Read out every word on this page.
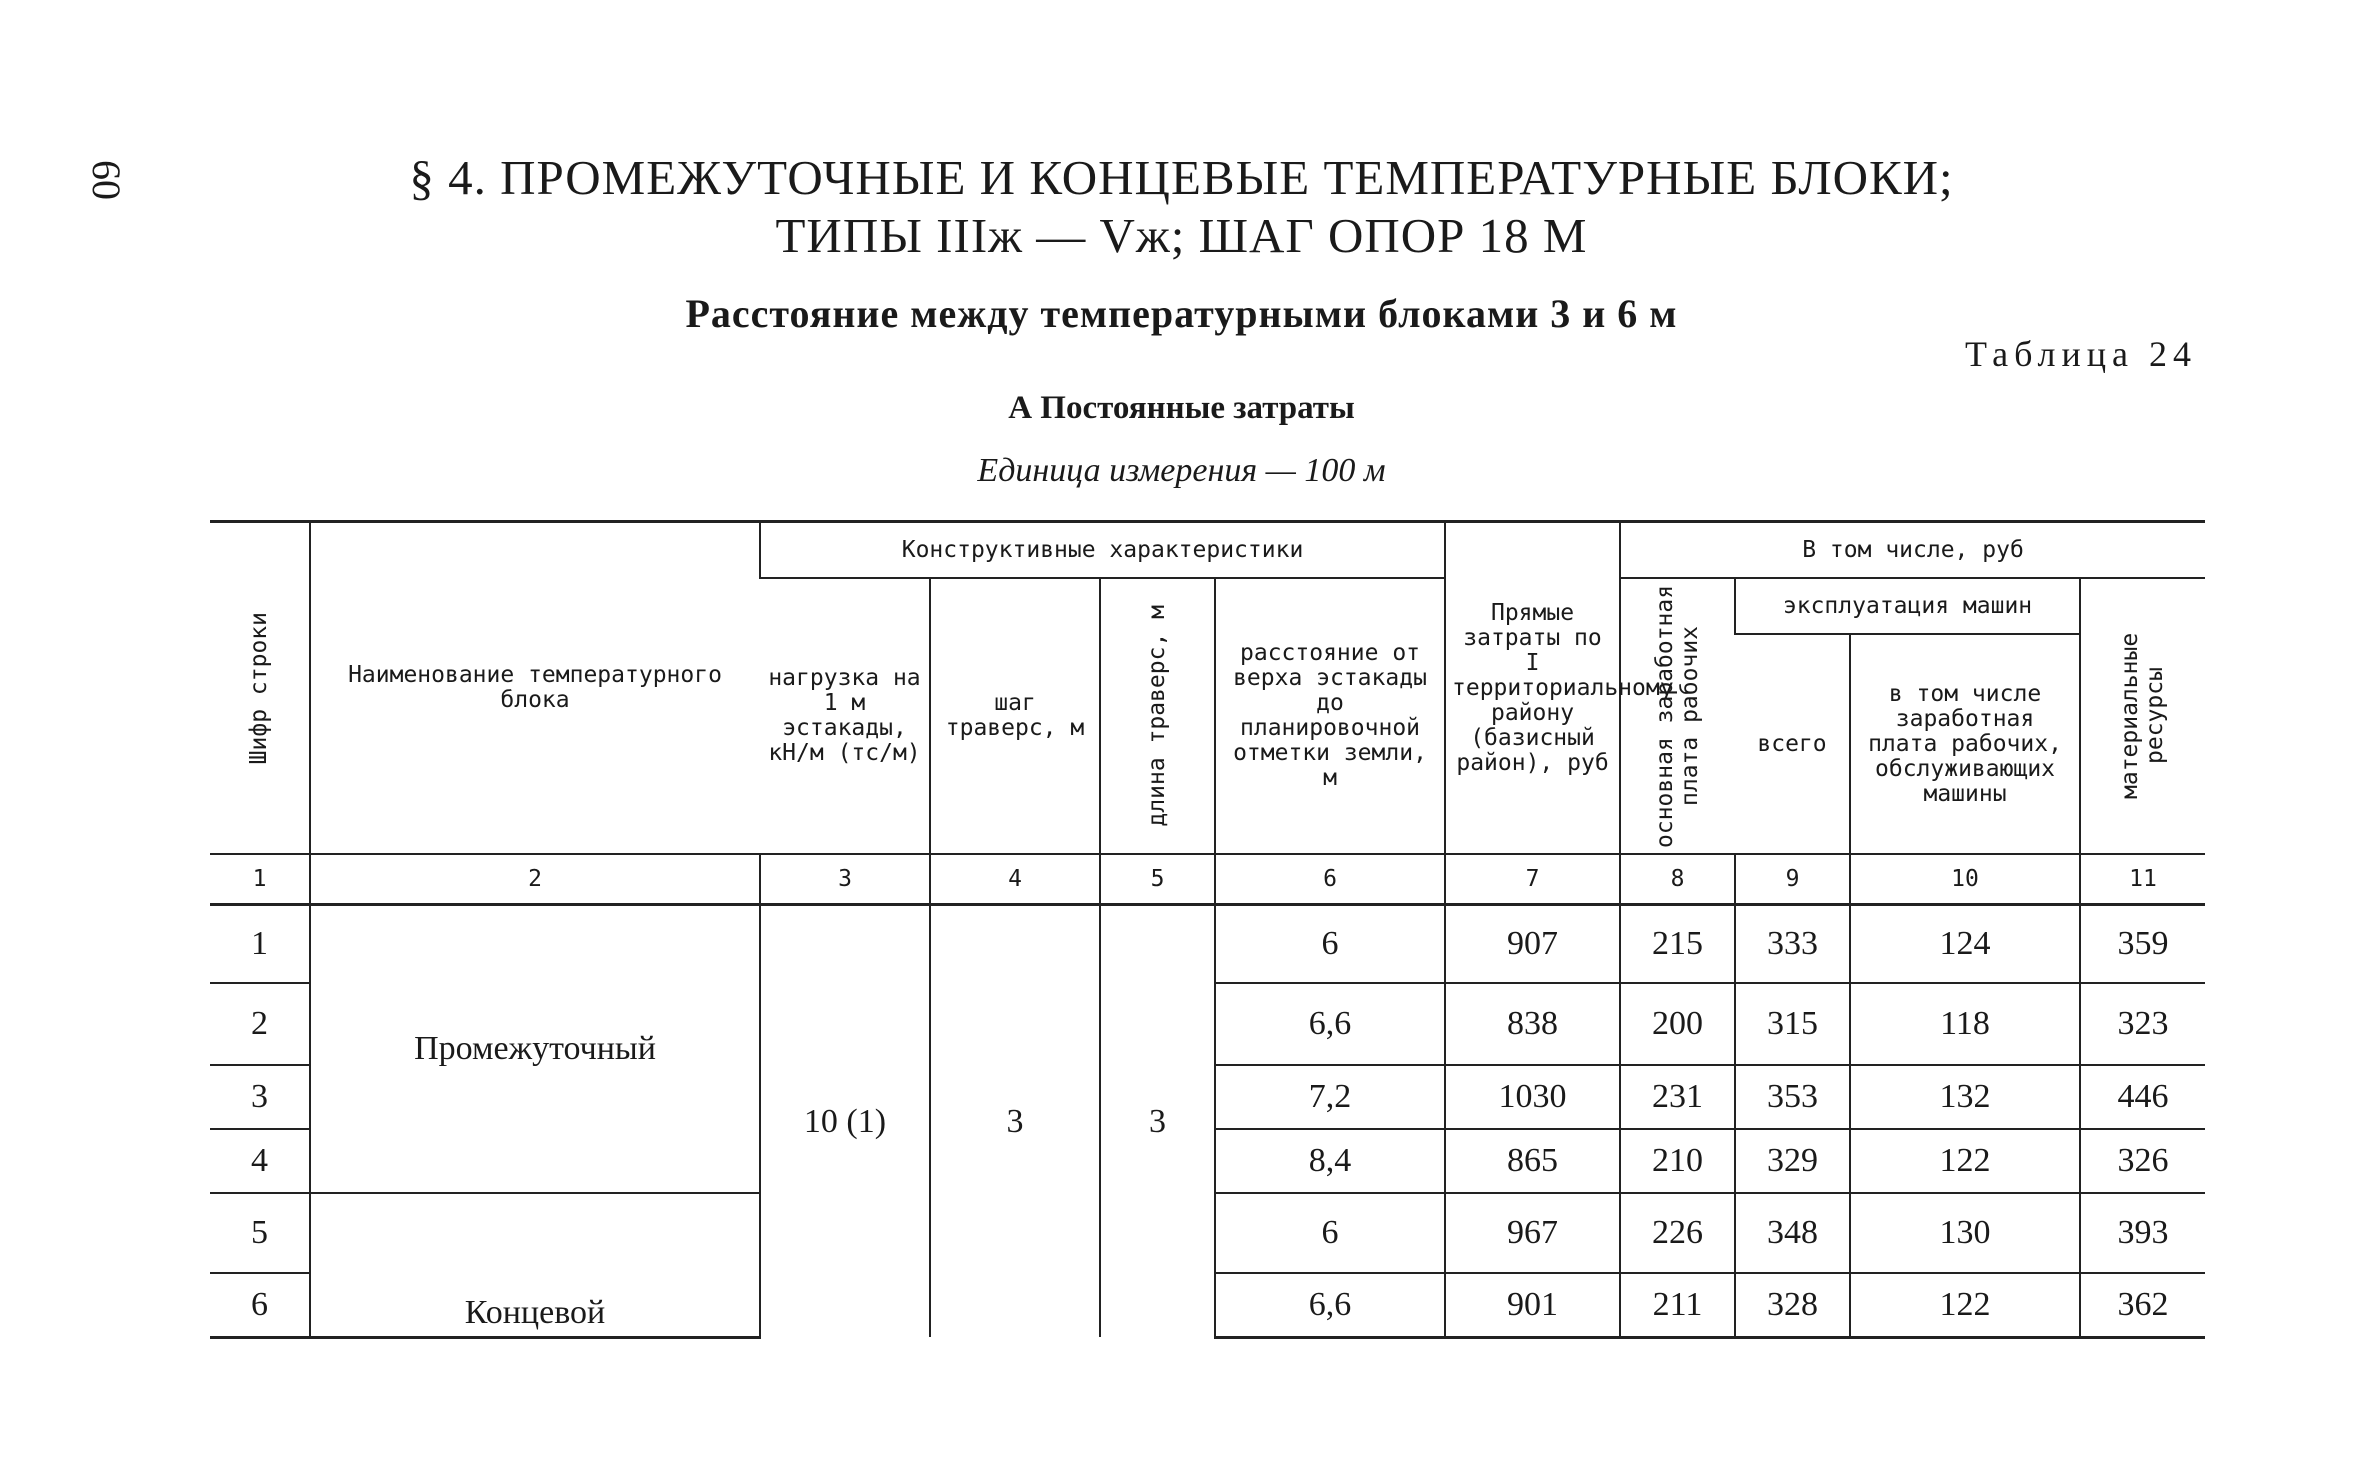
60	§ 4. ПРОМЕЖУТОЧНЫЕ И КОНЦЕВЫЕ ТЕМПЕРАТУРНЫЕ БЛОКИ;
ТИПЫ IIIж — Vж; ШАГ ОПОР 18 М
Расстояние между температурными блоками 3 и 6 м
Таблица 24
А Постоянные затраты
Единица измерения — 100 м
Шифр строки	Наименование температурного блока	Конструктивные характеристики				Прямые затраты по I территориальному району (базисный район), руб	В том числе, руб			
		нагрузка на 1 м эстакады, кН/м (тс/м)	шаг траверс, м	длина траверс, м	расстояние от верха эстакады до планировочной отметки земли, м		основная заработная плата рабочих	эксплуатация машин		материальные ресурсы

								всего	в том числе заработная плата рабочих, обслуживающих машины	
1	2	3	4	5	6	7	8	9	10	11
1	Промежуточный	10 (1)	3	3	6	907	215	333	124	359
2					6,6	838	200	315	118	323
3					7,2	1030	231	353	132	446
4					8,4	865	210	329	122	326
5	Концевой				6	967	226	348	130	393
6					6,6	901	211	328	122	362
